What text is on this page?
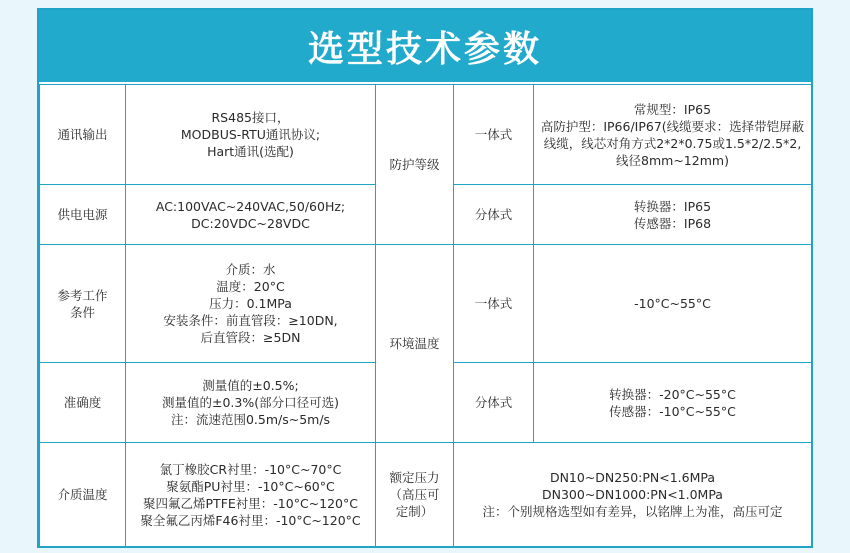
选型技术参数
通讯输出	RS485接口，
MODBUS-RTU通讯协议;
Hart通讯(选配)	防护等级	一体式	常规型：IP65
高防护型：IP66/IP67(线缆要求：选择带铠屏蔽线缆，线芯对角方式2*2*0.75或1.5*2/2.5*2,线径8mm~12mm)

供电电源	AC:100VAC~240VAC,50/60Hz;
DC:20VDC~28VDC		分体式	转换器：IP65
传感器：IP68

参考工作
条件	介质：水
温度：20°C
压力：0.1MPa
安装条件：前直管段：≥10DN,
后直管段：≥5DN	环境温度	一体式	-10°C~55°C

准确度	测量值的±0.5%;
测量值的±0.3%(部分口径可选)
注：流速范围0.5m/s~5m/s		分体式	转换器：-20°C~55°C
传感器：-10°C~55°C

介质温度	氯丁橡胶CR衬里：-10°C~70°C
聚氨酯PU衬里：-10°C~60°C
聚四氟乙烯PTFE衬里：-10°C~120°C
聚全氟乙丙烯F46衬里：-10°C~120°C	额定压力
（高压可
定制）	DN10~DN250:PN<1.6MPa
DN300~DN1000:PN<1.0MPa
注：个别规格选型如有差异，以铭牌上为准，高压可定	
